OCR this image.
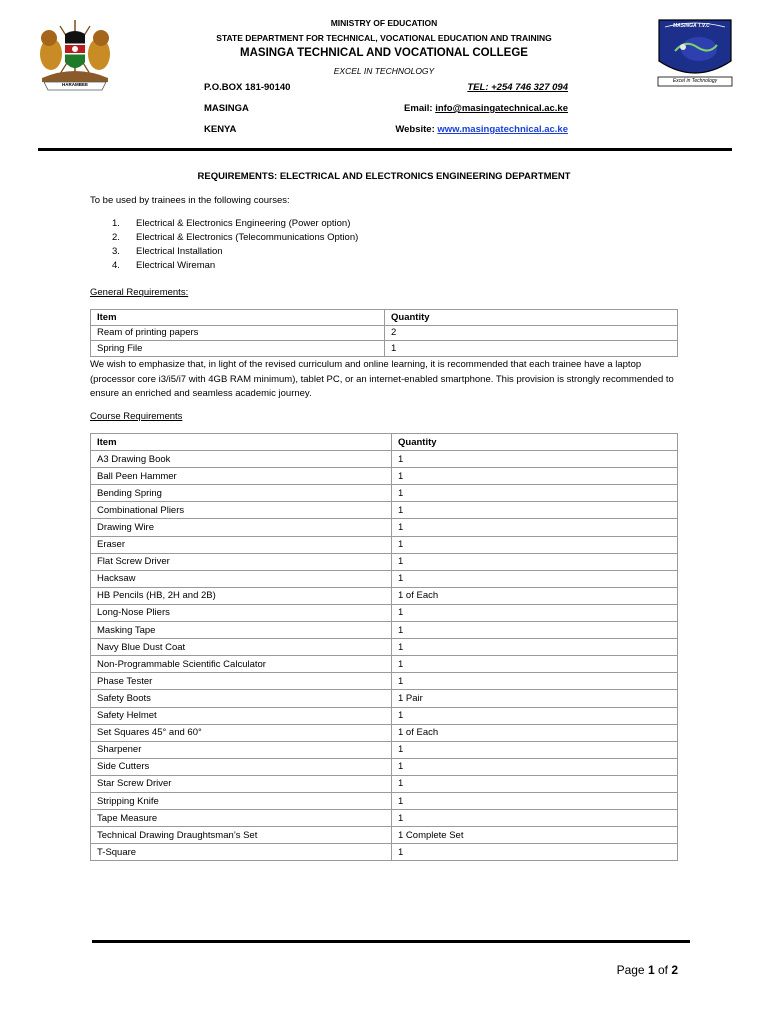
HARAMBEE
MASINGA T.V.C
Excel in Technology
MINISTRY OF EDUCATION
STATE DEPARTMENT FOR TECHNICAL, VOCATIONAL EDUCATION AND TRAINING
MASINGA TECHNICAL AND VOCATIONAL COLLEGE
EXCEL IN TECHNOLOGY
P.O.BOX 181-90140
MASINGA
KENYA
TEL: +254 746 327 094
Email: info@masingatechnical.ac.ke
Website: www.masingatechnical.ac.ke
REQUIREMENTS: ELECTRICAL AND ELECTRONICS ENGINEERING DEPARTMENT
To be used by trainees in the following courses:
1. Electrical & Electronics Engineering (Power option)
2. Electrical & Electronics (Telecommunications Option)
3. Electrical Installation
4. Electrical Wireman
General Requirements:
Item	Quantity
Ream of printing papers	2
Spring File	1
We wish to emphasize that, in light of the revised curriculum and online learning, it is recommended that each trainee have a laptop (processor core i3/i5/i7 with 4GB RAM minimum), tablet PC, or an internet-enabled smartphone. This provision is strongly recommended to ensure an enriched and seamless academic journey.
Course Requirements
Item	Quantity
A3 Drawing Book	1
Ball Peen Hammer	1
Bending Spring	1
Combinational Pliers	1
Drawing Wire	1
Eraser	1
Flat Screw Driver	1
Hacksaw	1
HB Pencils (HB, 2H and 2B)	1 of Each
Long-Nose Pliers	1
Masking Tape	1
Navy Blue Dust Coat	1
Non-Programmable Scientific Calculator	1
Phase Tester	1
Safety Boots	1 Pair
Safety Helmet	1
Set Squares 45° and 60°	1 of Each
Sharpener	1
Side Cutters	1
Star Screw Driver	1
Stripping Knife	1
Tape Measure	1
Technical Drawing Draughtsman’s Set	1 Complete Set
T-Square	1
Page 1 of 2
